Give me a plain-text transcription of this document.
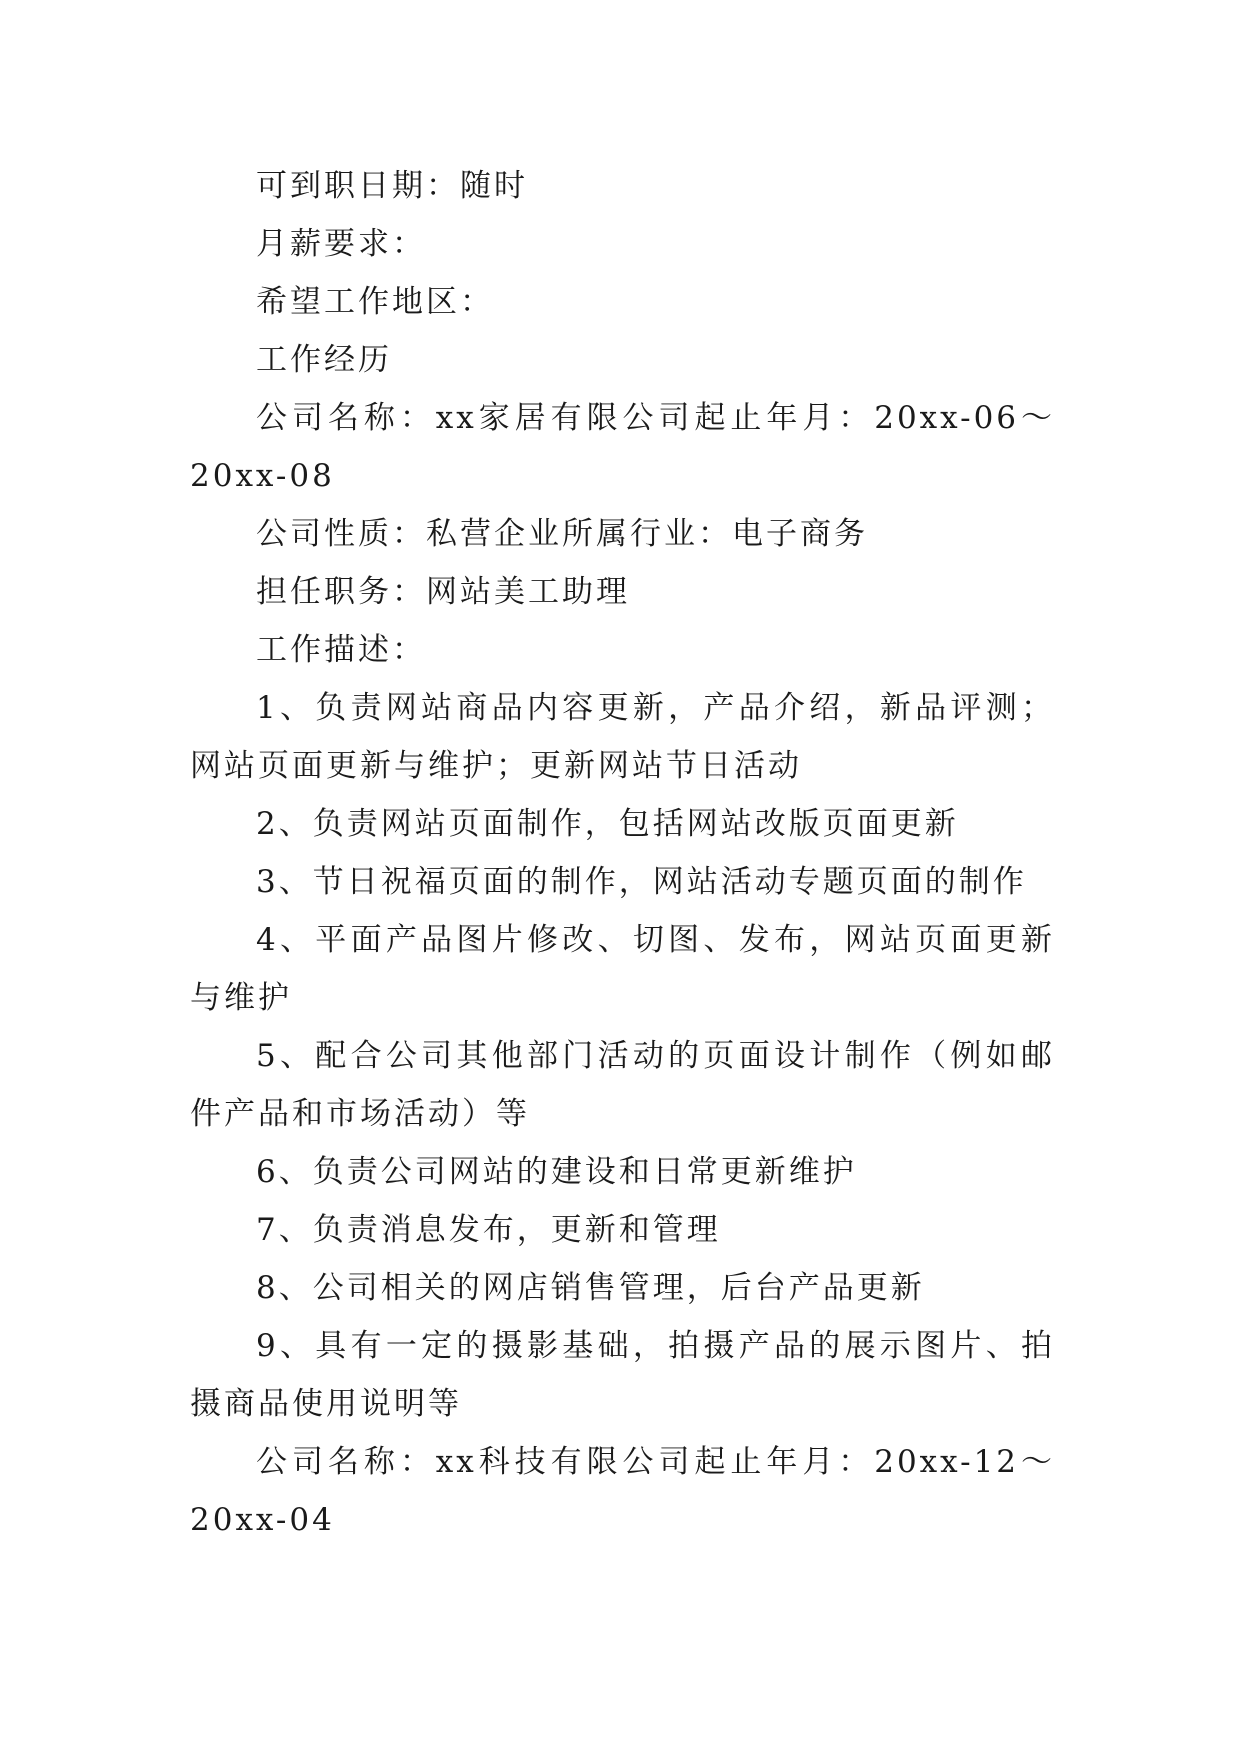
可到职日期：随时

月薪要求：

希望工作地区：

工作经历

公司名称：xx家居有限公司起止年月：20xx-06～20xx-08

公司性质：私营企业所属行业：电子商务

担任职务：网站美工助理

工作描述：

1、负责网站商品内容更新，产品介绍，新品评测；网站页面更新与维护；更新网站节日活动

2、负责网站页面制作，包括网站改版页面更新

3、节日祝福页面的制作，网站活动专题页面的制作

4、平面产品图片修改、切图、发布，网站页面更新与维护

5、配合公司其他部门活动的页面设计制作（例如邮件产品和市场活动）等

6、负责公司网站的建设和日常更新维护

7、负责消息发布，更新和管理

8、公司相关的网店销售管理，后台产品更新

9、具有一定的摄影基础，拍摄产品的展示图片、拍摄商品使用说明等

公司名称：xx科技有限公司起止年月：20xx-12～20xx-04
